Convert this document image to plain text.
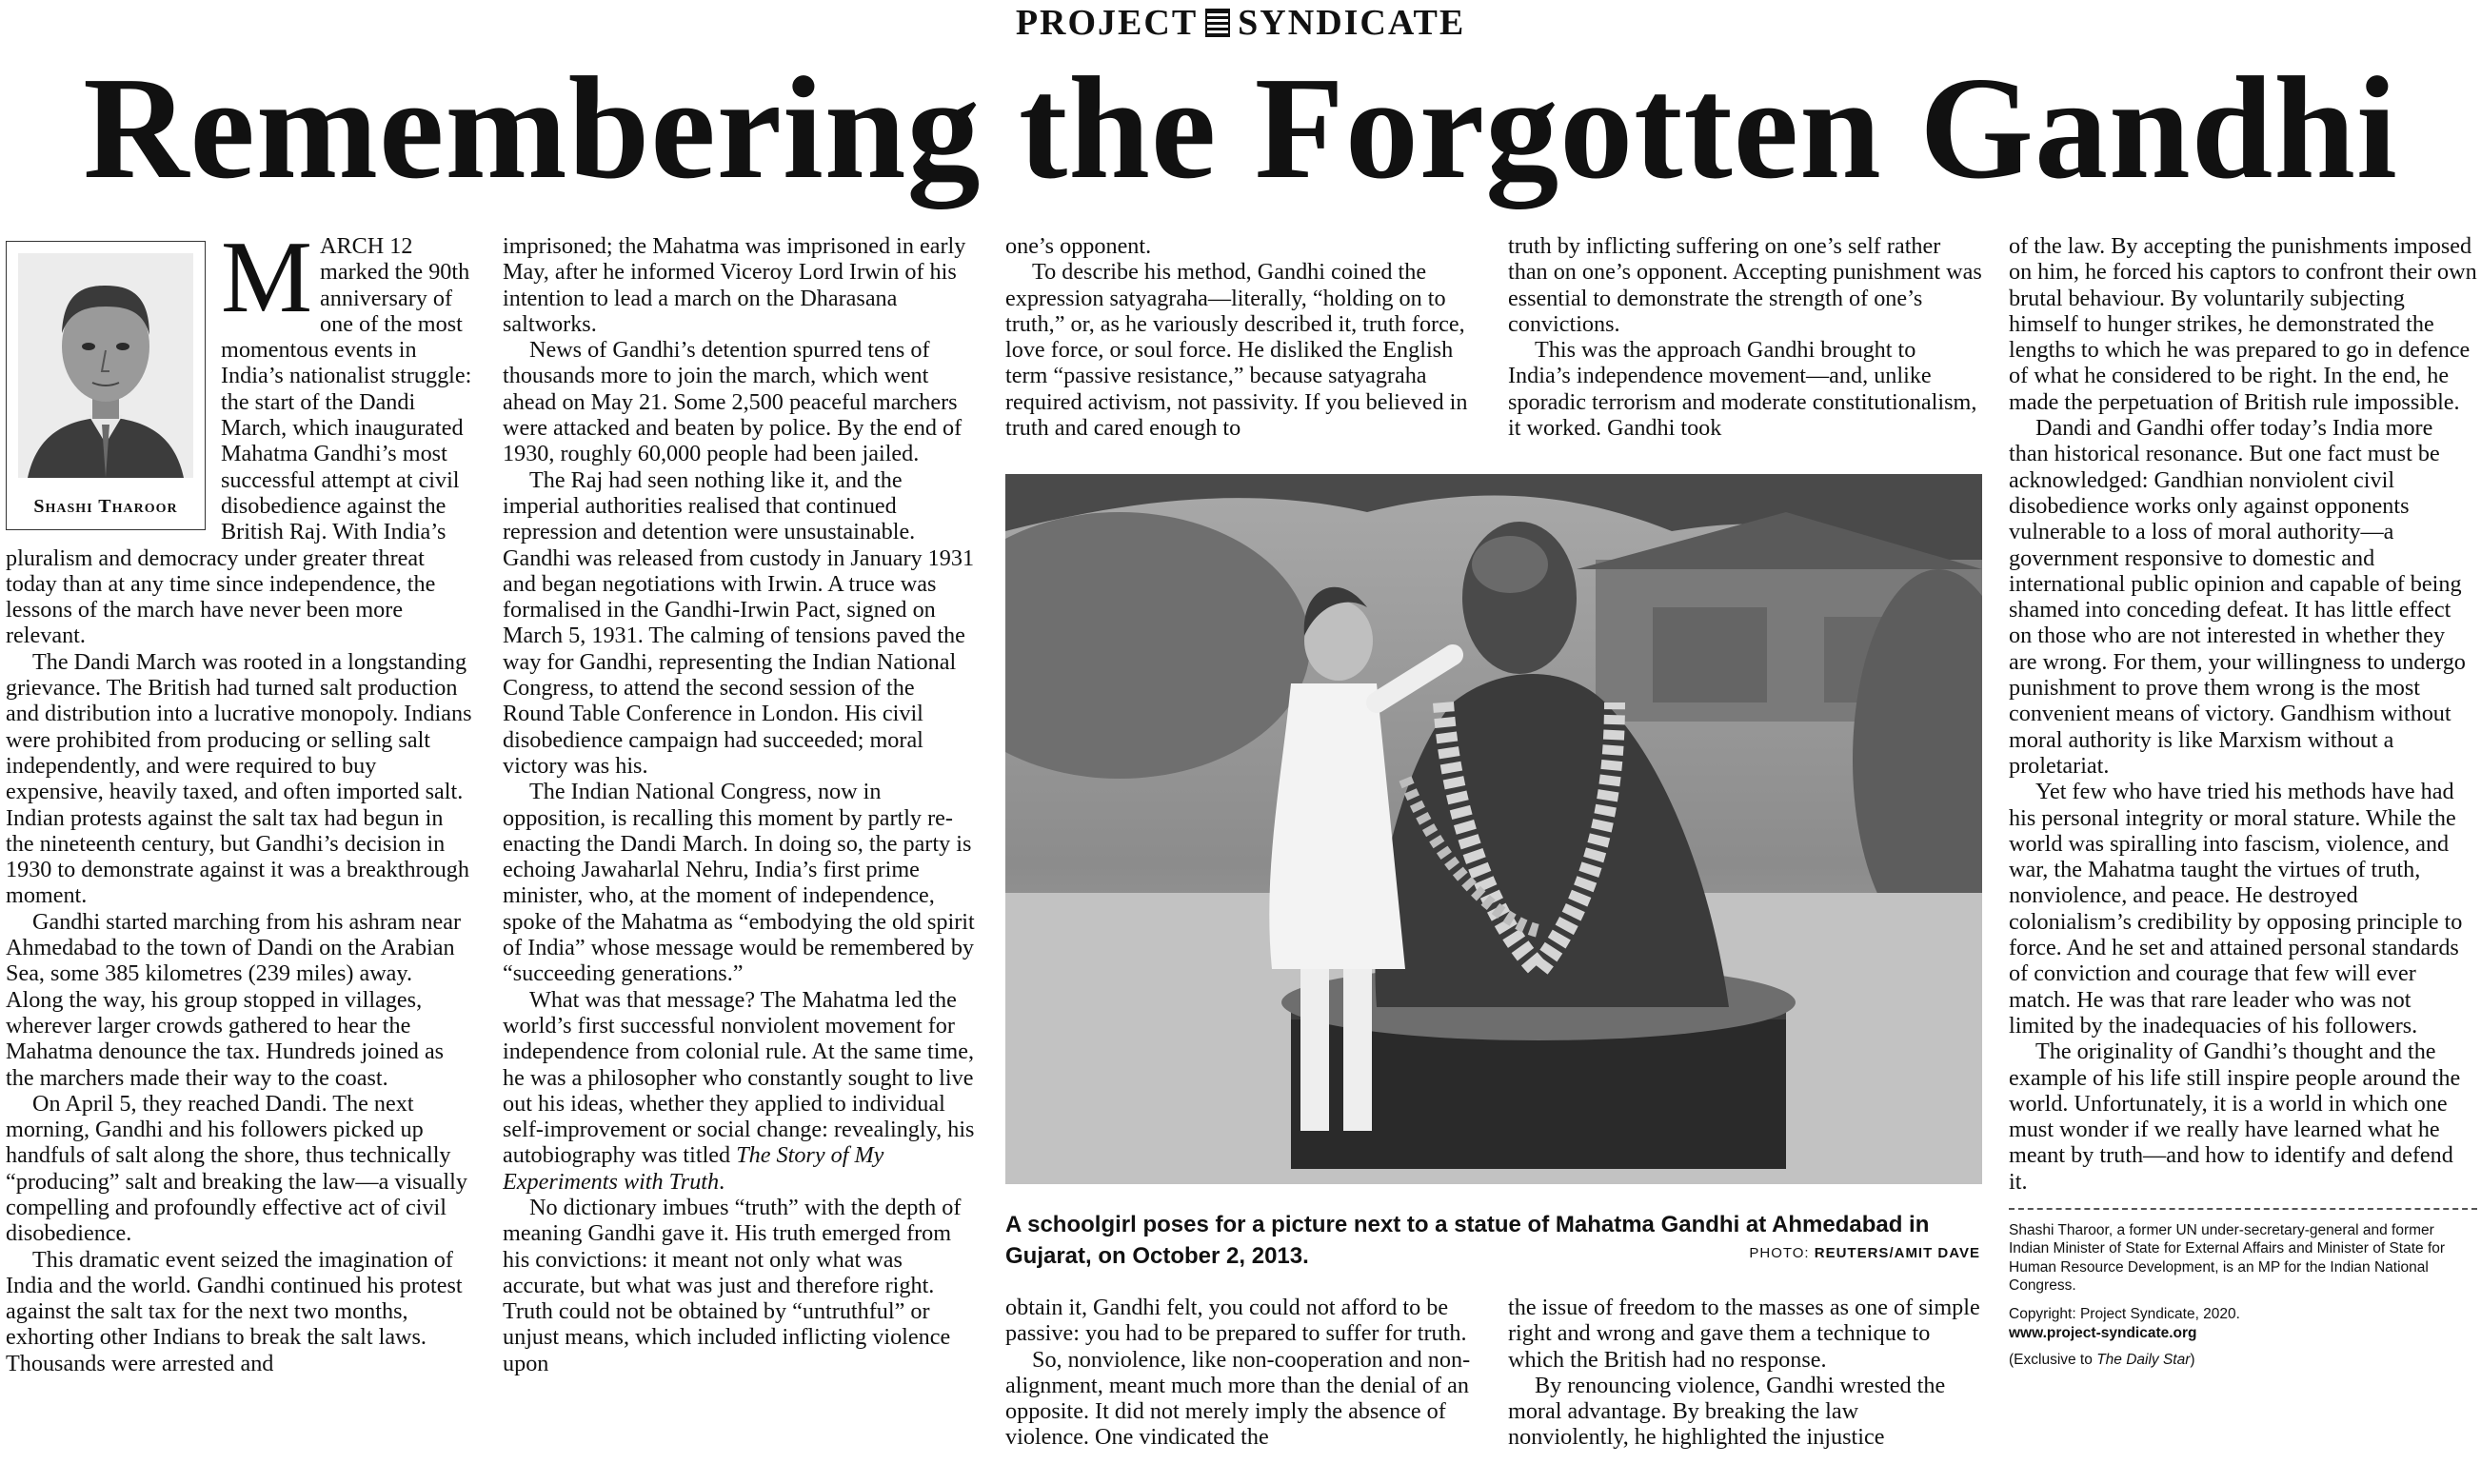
PROJECT SYNDICATE
Remembering the Forgotten Gandhi
Shashi Tharoor

MARCH 12 marked the 90th anniversary of one of the most momentous events in India’s nationalist struggle: the start of the Dandi March, which inaugurated Mahatma Gandhi’s most successful attempt at civil disobedience against the British Raj. With India’s pluralism and democracy under greater threat today than at any time since independence, the lessons of the march have never been more relevant.

The Dandi March was rooted in a longstanding grievance. The British had turned salt production and distribution into a lucrative monopoly. Indians were prohibited from producing or selling salt independently, and were required to buy expensive, heavily taxed, and often imported salt. Indian protests against the salt tax had begun in the nineteenth century, but Gandhi’s decision in 1930 to demonstrate against it was a breakthrough moment.

Gandhi started marching from his ashram near Ahmedabad to the town of Dandi on the Arabian Sea, some 385 kilometres (239 miles) away. Along the way, his group stopped in villages, wherever larger crowds gathered to hear the Mahatma denounce the tax. Hundreds joined as the marchers made their way to the coast.

On April 5, they reached Dandi. The next morning, Gandhi and his followers picked up handfuls of salt along the shore, thus technically “producing” salt and breaking the law—a visually compelling and profoundly effective act of civil disobedience.

This dramatic event seized the imagination of India and the world. Gandhi continued his protest against the salt tax for the next two months, exhorting other Indians to break the salt laws. Thousands were arrested and

imprisoned; the Mahatma was imprisoned in early May, after he informed Viceroy Lord Irwin of his intention to lead a march on the Dharasana saltworks.

News of Gandhi’s detention spurred tens of thousands more to join the march, which went ahead on May 21. Some 2,500 peaceful marchers were attacked and beaten by police. By the end of 1930, roughly 60,000 people had been jailed.

The Raj had seen nothing like it, and the imperial authorities realised that continued repression and detention were unsustainable. Gandhi was released from custody in January 1931 and began negotiations with Irwin. A truce was formalised in the Gandhi-Irwin Pact, signed on March 5, 1931. The calming of tensions paved the way for Gandhi, representing the Indian National Congress, to attend the second session of the Round Table Conference in London. His civil disobedience campaign had succeeded; moral victory was his.

The Indian National Congress, now in opposition, is recalling this moment by partly re-enacting the Dandi March. In doing so, the party is echoing Jawaharlal Nehru, India’s first prime minister, who, at the moment of independence, spoke of the Mahatma as “embodying the old spirit of India” whose message would be remembered by “succeeding generations.”

What was that message? The Mahatma led the world’s first successful nonviolent movement for independence from colonial rule. At the same time, he was a philosopher who constantly sought to live out his ideas, whether they applied to individual self-improvement or social change: revealingly, his autobiography was titled The Story of My Experiments with Truth.

No dictionary imbues “truth” with the depth of meaning Gandhi gave it. His truth emerged from his convictions: it meant not only what was accurate, but what was just and therefore right. Truth could not be obtained by “untruthful” or unjust means, which included inflicting violence upon

one’s opponent.

To describe his method, Gandhi coined the expression satyagraha—literally, “holding on to truth,” or, as he variously described it, truth force, love force, or soul force. He disliked the English term “passive resistance,” because satyagraha required activism, not passivity. If you believed in truth and cared enough to

truth by inflicting suffering on one’s self rather than on one’s opponent. Accepting punishment was essential to demonstrate the strength of one’s convictions.

This was the approach Gandhi brought to India’s independence movement—and, unlike sporadic terrorism and moderate constitutionalism, it worked. Gandhi took

A schoolgirl poses for a picture next to a statue of Mahatma Gandhi at Ahmedabad in Gujarat, on October 2, 2013.	PHOTO: REUTERS/AMIT DAVE

obtain it, Gandhi felt, you could not afford to be passive: you had to be prepared to suffer for truth.

So, nonviolence, like non-cooperation and non-alignment, meant much more than the denial of an opposite. It did not merely imply the absence of violence. One vindicated the

the issue of freedom to the masses as one of simple right and wrong and gave them a technique to which the British had no response.

By renouncing violence, Gandhi wrested the moral advantage. By breaking the law nonviolently, he highlighted the injustice

of the law. By accepting the punishments imposed on him, he forced his captors to confront their own brutal behaviour. By voluntarily subjecting himself to hunger strikes, he demonstrated the lengths to which he was prepared to go in defence of what he considered to be right. In the end, he made the perpetuation of British rule impossible.

Dandi and Gandhi offer today’s India more than historical resonance. But one fact must be acknowledged: Gandhian nonviolent civil disobedience works only against opponents vulnerable to a loss of moral authority—a government responsive to domestic and international public opinion and capable of being shamed into conceding defeat. It has little effect on those who are not interested in whether they are wrong. For them, your willingness to undergo punishment to prove them wrong is the most convenient means of victory. Gandhism without moral authority is like Marxism without a proletariat.

Yet few who have tried his methods have had his personal integrity or moral stature. While the world was spiralling into fascism, violence, and war, the Mahatma taught the virtues of truth, nonviolence, and peace. He destroyed colonialism’s credibility by opposing principle to force. And he set and attained personal standards of conviction and courage that few will ever match. He was that rare leader who was not limited by the inadequacies of his followers.

The originality of Gandhi’s thought and the example of his life still inspire people around the world. Unfortunately, it is a world in which one must wonder if we really have learned what he meant by truth—and how to identify and defend it.

Shashi Tharoor, a former UN under-secretary-general and former Indian Minister of State for External Affairs and Minister of State for Human Resource Development, is an MP for the Indian National Congress.
Copyright: Project Syndicate, 2020.
www.project-syndicate.org
(Exclusive to The Daily Star)
